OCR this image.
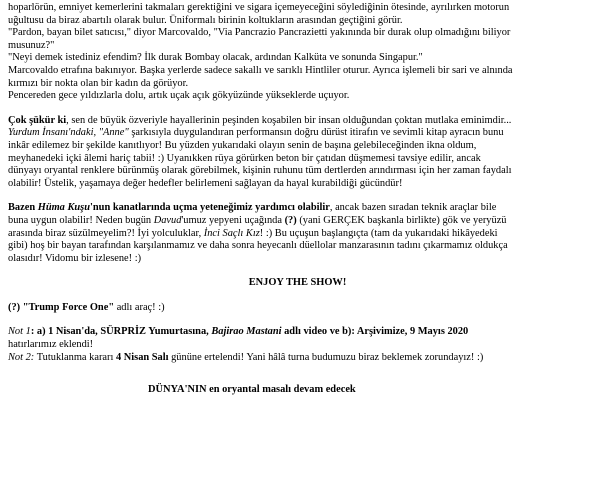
hoparlörün, emniyet kemerlerini takmaları gerektiğini ve sigara içemeyeceğini söylediğinin ötesinde, ayrılırken motorun

uğultusu da biraz abartılı olarak bulur. Üniformalı birinin koltukların arasından geçtiğini görür.

"Pardon, bayan bilet satıcısı," diyor Marcovaldo, "Via Pancrazio Pancrazietti yakınında bir durak olup olmadığını biliyor

musunuz?"

"Neyi demek istediniz efendim? İlk durak Bombay olacak, ardından Kalküta ve sonunda Singapur."

Marcovaldo etrafına bakınıyor. Başka yerlerde sadece sakallı ve sarıklı Hintliler oturur. Ayrıca işlemeli bir sari ve alnında

kırmızı bir nokta olan bir kadın da görüyor.

Pencereden gece yıldızlarla dolu, artık uçak açık gökyüzünde yükseklerde uçuyor.

Çok şükür ki, sen de büyük özveriyle hayallerinin peşinden koşabilen bir insan olduğundan çoktan mutlaka eminimdir...

Yurdum İnsanı'ndaki, "Anne" şarkısıyla duygulandıran performansın doğru dürüst itirafın ve sevimli kitap ayracın bunu

inkâr edilemez bir şekilde kanıtlıyor! Bu yüzden yukarıdaki olayın senin de başına gelebileceğinden ikna oldum,

meyhanedeki içki âlemi hariç tabii! :) Uyanıkken rüya görürken beton bir çatıdan düşmemesi tavsiye edilir, ancak

dünyayı oryantal renklere bürünmüş olarak görebilmek, kişinin ruhunu tüm dertlerden arındırması için her zaman faydalı

olabilir! Üstelik, yaşamaya değer hedefler belirlemeni sağlayan da hayal kurabildiği gücündür!

Bazen Hüma Kuşu'nun kanatlarında uçma yeteneğimiz yardımcı olabilir, ancak bazen sıradan teknik araçlar bile

buna uygun olabilir! Neden bugün Davud'umuz yepyeni uçağında (?) (yani GERÇEK başkanla birlikte) gök ve yeryüzü

arasında biraz süzülmeyelim?! İyi yolculuklar, İnci Saçlı Kız! :) Bu uçuşun başlangıçta (tam da yukarıdaki hikâyedeki

gibi) hoş bir bayan tarafından karşılanmamız ve daha sonra heyecanlı düellolar manzarasının tadını çıkarmamız oldukça

olasıdır! Vidomu bir izlesene! :)

ENJOY THE SHOW!

(?) "Trump Force One" adlı araç! :)

Not 1: a) 1 Nisan'da, SÜRPRİZ Yumurtasına, Bajirao Mastani adlı video ve b): Arşivimize, 9 Mayıs 2020

hatırlarımız eklendi!

Not 2: Tutuklanma kararı 4 Nisan Salı gününe ertelendi! Yani hâlâ turna budumuzu biraz beklemek zorundayız! :)

DÜNYA'NIN en oryantal masalı devam edecek
